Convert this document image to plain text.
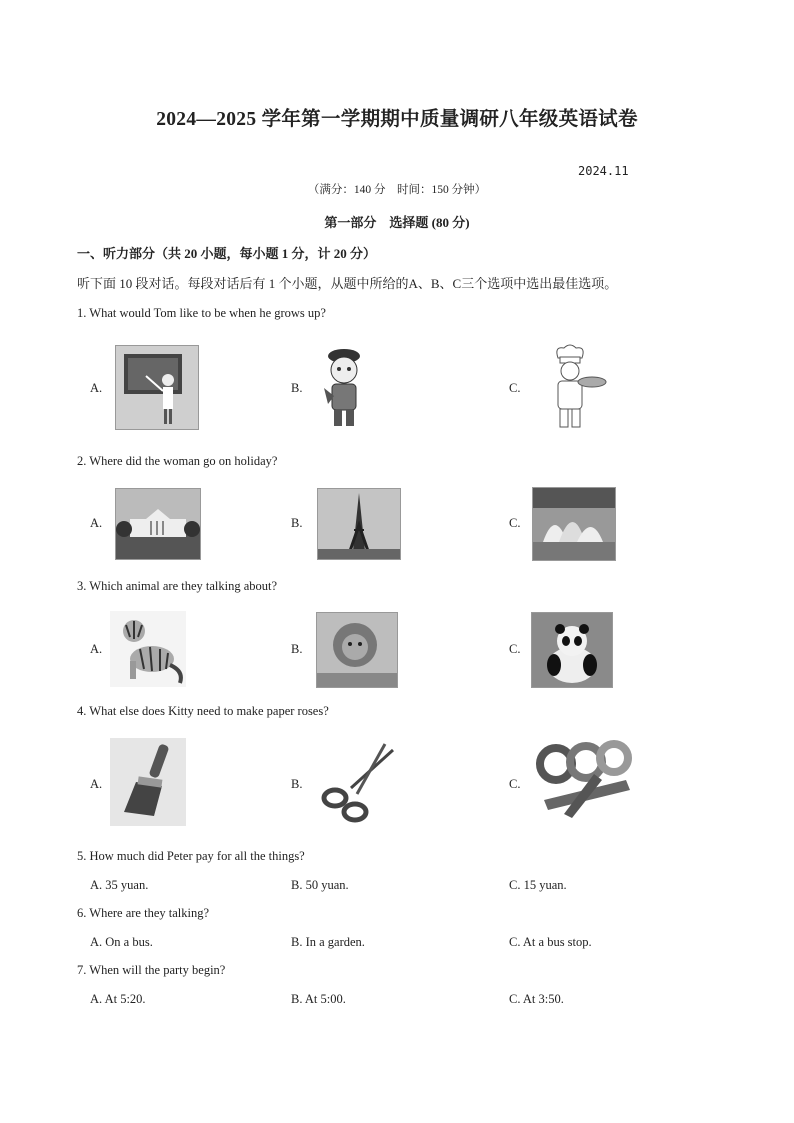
2024—2025 学年第一学期期中质量调研八年级英语试卷
2024.11
（满分：140 分　时间：150 分钟）
第一部分　选择题 (80 分)
一、听力部分（共 20 小题，每小题 1 分，计 20 分）
听下面 10 段对话。每段对话后有 1 个小题，从题中所给的A、B、C三个选项中选出最佳选项。
1. What would Tom like to be when he grows up?
A.	B.	C.
2. Where did the woman go on holiday?
A.	B.	C.
3. Which animal are they talking about?
A.	B.	C.
4. What else does Kitty need to make paper roses?
A.	B.	C.
5. How much did Peter pay for all the things?
A. 35 yuan.	B. 50 yuan.	C. 15 yuan.
6. Where are they talking?
A. On a bus.	B. In a garden.	C. At a bus stop.
7. When will the party begin?
A. At 5:20.	B. At 5:00.	C. At 3:50.
